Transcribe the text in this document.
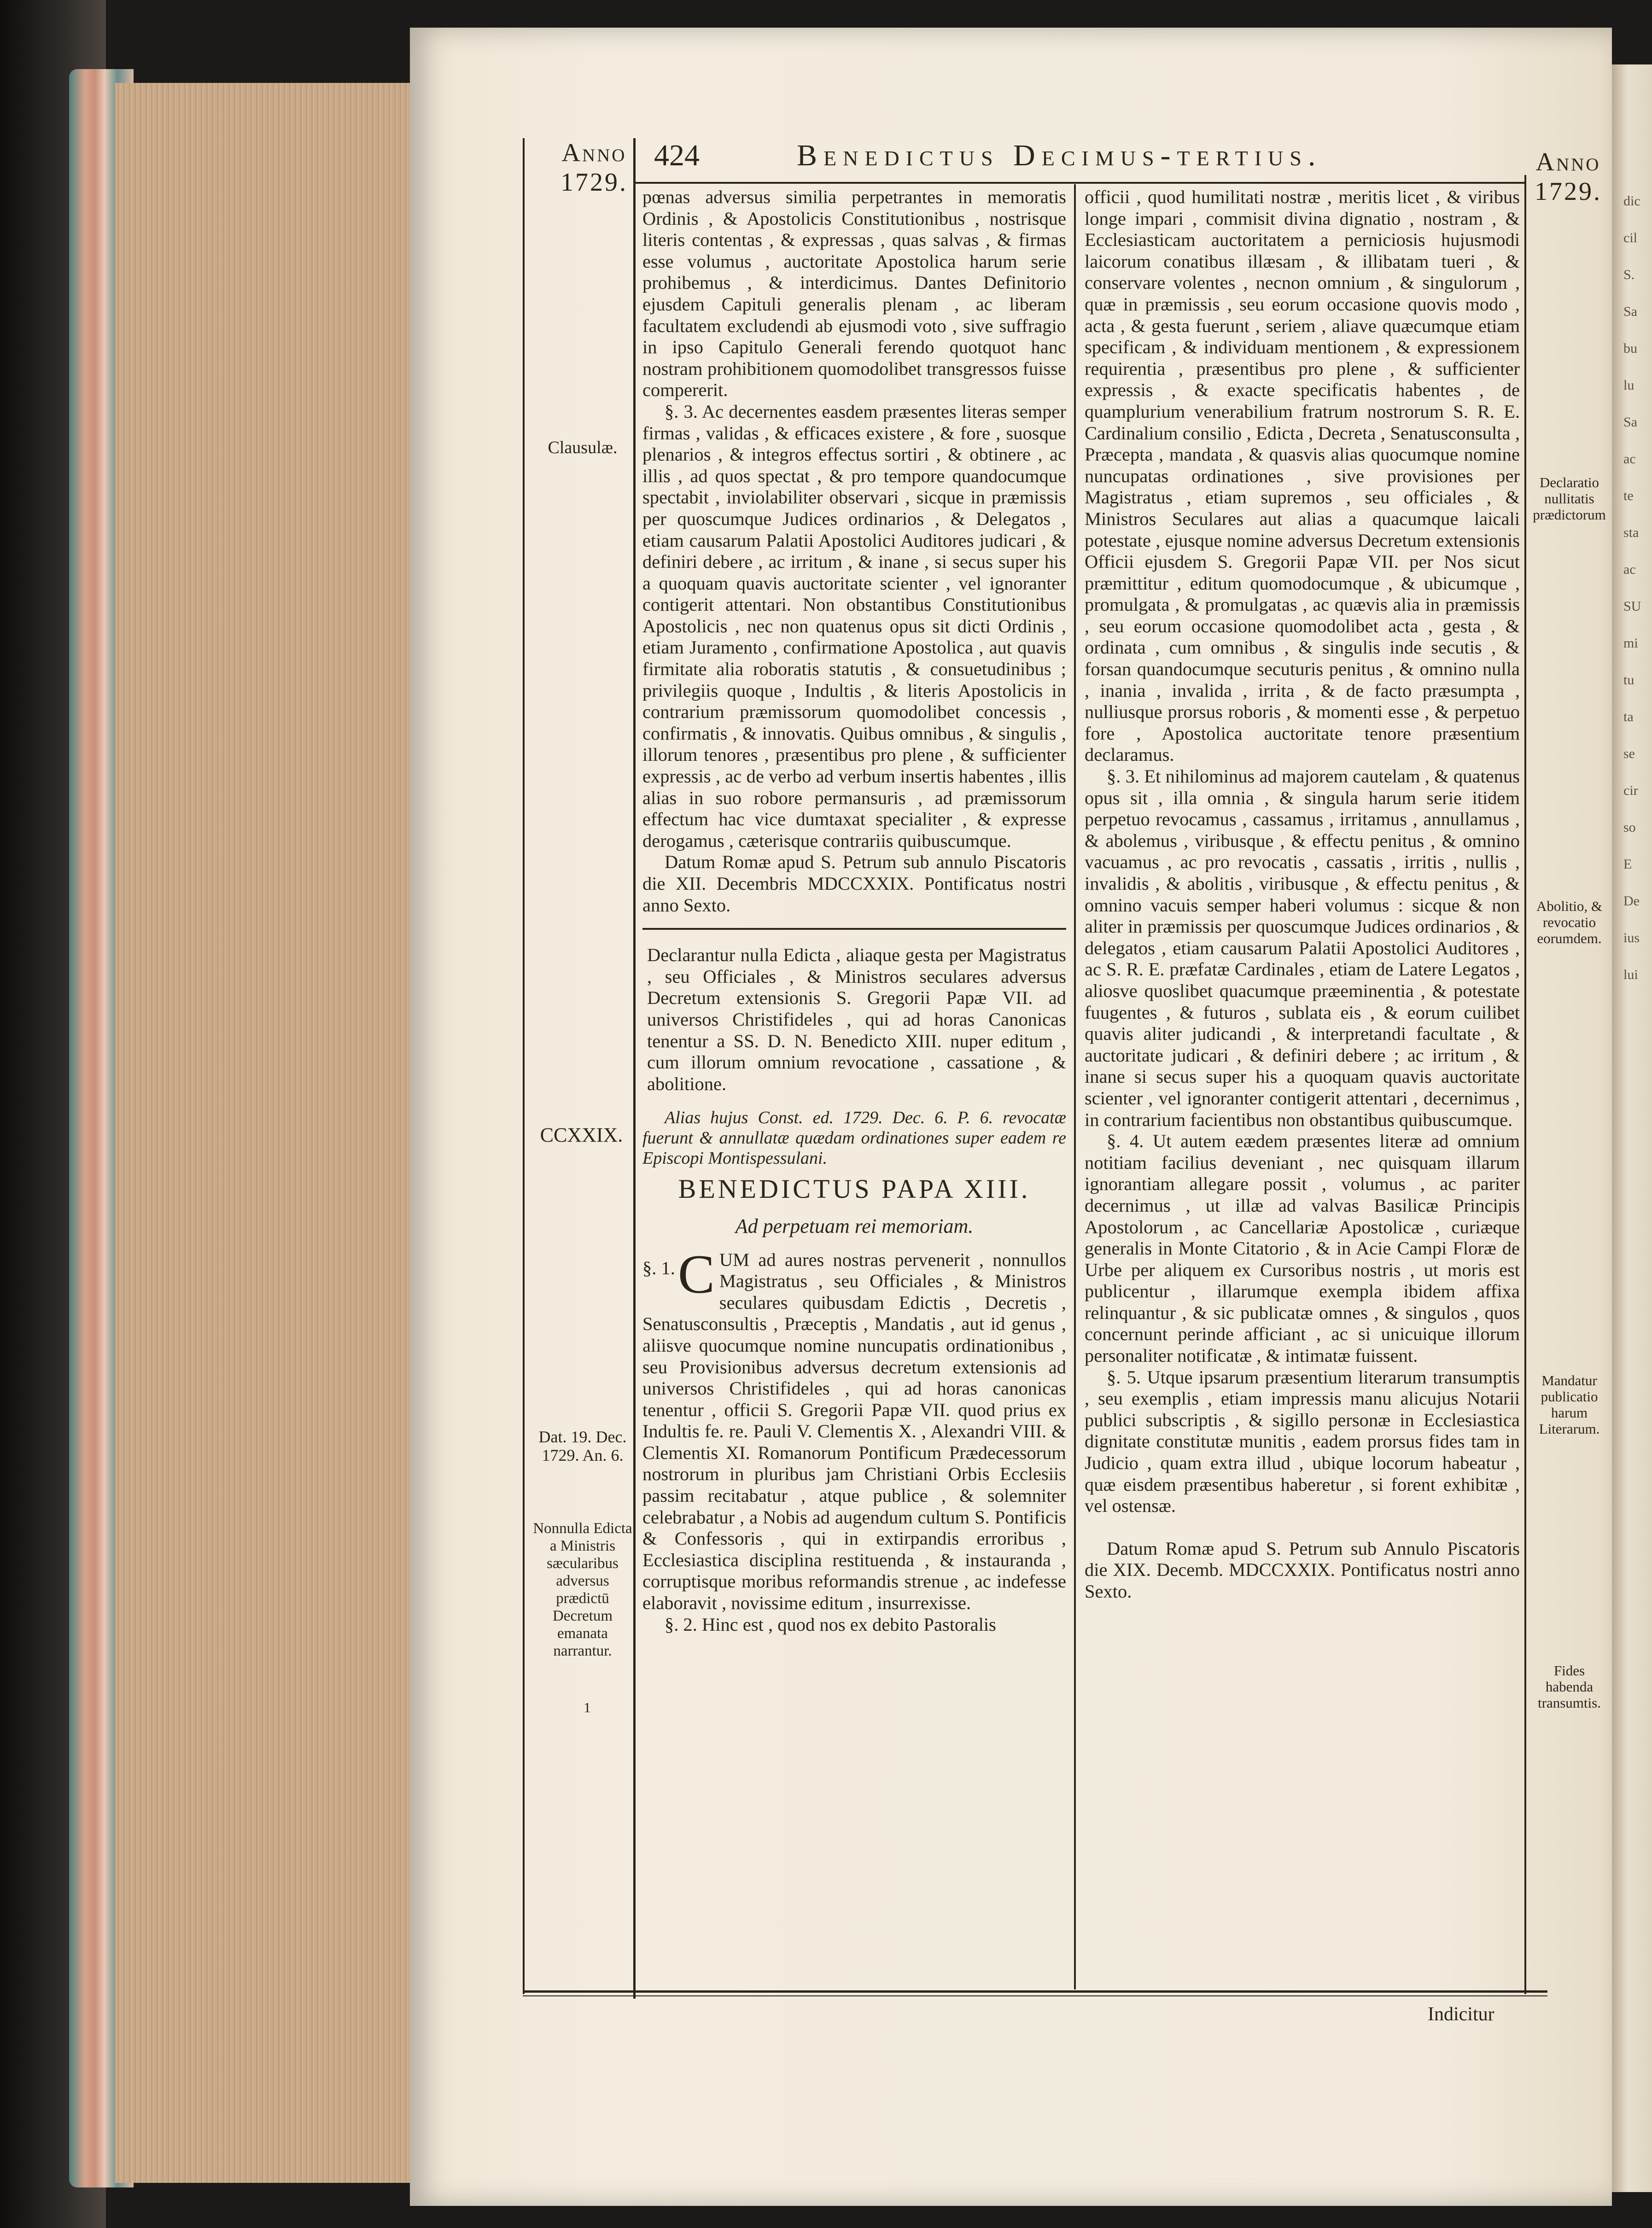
dic
cil
S.
Sa
bu
lu
Sa
ac
te
sta
ac
SU
mi
tu
ta
se
cir
so
E
De
ius
lui
Anno
1729.
424	Benedictus Decimus-tertius.	Anno
1729.
Clausulæ.
CCXXIX.
Dat. 19. Dec. 1729. An. 6.
Nonnulla Edicta a Ministris sæcularibus adversus prædictū Decretum emanata narrantur.
1
Declaratio nullitatis prædictorum
Abolitio, & revocatio eorumdem.
Mandatur publicatio harum Literarum.
Fides habenda transumtis.

pœnas adversus similia perpetrantes in memoratis Ordinis , & Apostolicis Constitutionibus , nostrisque literis contentas , & expressas , quas salvas , & firmas esse volumus , auctoritate Apostolica harum serie prohibemus , & interdicimus. Dantes Definitorio ejusdem Capituli generalis plenam , ac liberam facultatem excludendi ab ejusmodi voto , sive suffragio in ipso Capitulo Generali ferendo quotquot hanc nostram prohibitionem quomodolibet transgressos fuisse compererit.

§. 3. Ac decernentes easdem præsentes literas semper firmas , validas , & efficaces existere , & fore , suosque plenarios , & integros effectus sortiri , & obtinere , ac illis , ad quos spectat , & pro tempore quandocumque spectabit , inviolabiliter observari , sicque in præmissis per quoscumque Judices ordinarios , & Delegatos , etiam causarum Palatii Apostolici Auditores judicari , & definiri debere , ac irritum , & inane , si secus super his a quoquam quavis auctoritate scienter , vel ignoranter contigerit attentari. Non obstantibus Constitutionibus Apostolicis , nec non quatenus opus sit dicti Ordinis , etiam Juramento , confirmatione Apostolica , aut quavis firmitate alia roboratis statutis , & consuetudinibus ; privilegiis quoque , Indultis , & literis Apostolicis in contrarium præmissorum quomodolibet concessis , confirmatis , & innovatis. Quibus omnibus , & singulis , illorum tenores , præsentibus pro plene , & sufficienter expressis , ac de verbo ad verbum insertis habentes , illis alias in suo robore permansuris , ad præmissorum effectum hac vice dumtaxat specialiter , & expresse derogamus , cæterisque contrariis quibuscumque.

Datum Romæ apud S. Petrum sub annulo Piscatoris die XII. Decembris MDCCXXIX. Pontificatus nostri anno Sexto.

Declarantur nulla Edicta , aliaque gesta per Magistratus , seu Officiales , & Ministros seculares adversus Decretum extensionis S. Gregorii Papæ VII. ad universos Christifideles , qui ad horas Canonicas tenentur a SS. D. N. Benedicto XIII. nuper editum , cum illorum omnium revocatione , cassatione , & abolitione.

Alias hujus Const. ed. 1729. Dec. 6. P. 6. revocatæ fuerunt & annullatæ quædam ordinationes super eadem re Episcopi Montispessulani.

BENEDICTUS PAPA XIII.

Ad perpetuam rei memoriam.

§. 1. C UM ad aures nostras pervenerit , nonnullos Magistratus , seu Officiales , & Ministros seculares quibusdam Edictis , Decretis , Senatusconsultis , Præceptis , Mandatis , aut id genus , aliisve quocumque nomine nuncupatis ordinationibus , seu Provisionibus adversus decretum extensionis ad universos Christifideles , qui ad horas canonicas tenentur , officii S. Gregorii Papæ VII. quod prius ex Indultis fe. re. Pauli V. Clementis X. , Alexandri VIII. & Clementis XI. Romanorum Pontificum Prædecessorum nostrorum in pluribus jam Christiani Orbis Ecclesiis passim recitabatur , atque publice , & solemniter celebrabatur , a Nobis ad augendum cultum S. Pontificis & Confessoris , qui in extirpandis erroribus , Ecclesiastica disciplina restituenda , & instauranda , corruptisque moribus reformandis strenue , ac indefesse elaboravit , novissime editum , insurrexisse.

§. 2. Hinc est , quod nos ex debito Pastoralis

officii , quod humilitati nostræ , meritis licet , & viribus longe impari , commisit divina dignatio , nostram , & Ecclesiasticam auctoritatem a perniciosis hujusmodi laicorum conatibus illæsam , & illibatam tueri , & conservare volentes , necnon omnium , & singulorum , quæ in præmissis , seu eorum occasione quovis modo , acta , & gesta fuerunt , seriem , aliave quæcumque etiam specificam , & individuam mentionem , & expressionem requirentia , præsentibus pro plene , & sufficienter expressis , & exacte specificatis habentes , de quamplurium venerabilium fratrum nostrorum S. R. E. Cardinalium consilio , Edicta , Decreta , Senatusconsulta , Præcepta , mandata , & quasvis alias quocumque nomine nuncupatas ordinationes , sive provisiones per Magistratus , etiam supremos , seu officiales , & Ministros Seculares aut alias a quacumque laicali potestate , ejusque nomine adversus Decretum extensionis Officii ejusdem S. Gregorii Papæ VII. per Nos sicut præmittitur , editum quomodocumque , & ubicumque , promulgata , & promulgatas , ac quævis alia in præmissis , seu eorum occasione quomodolibet acta , gesta , & ordinata , cum omnibus , & singulis inde secutis , & forsan quandocumque secuturis penitus , & omnino nulla , inania , invalida , irrita , & de facto præsumpta , nulliusque prorsus roboris , & momenti esse , & perpetuo fore , Apostolica auctoritate tenore præsentium declaramus.

§. 3. Et nihilominus ad majorem cautelam , & quatenus opus sit , illa omnia , & singula harum serie itidem perpetuo revocamus , cassamus , irritamus , annullamus , & abolemus , viribusque , & effectu penitus , & omnino vacuamus , ac pro revocatis , cassatis , irritis , nullis , invalidis , & abolitis , viribusque , & effectu penitus , & omnino vacuis semper haberi volumus : sicque & non aliter in præmissis per quoscumque Judices ordinarios , & delegatos , etiam causarum Palatii Apostolici Auditores , ac S. R. E. præfatæ Cardinales , etiam de Latere Legatos , aliosve quoslibet quacumque præeminentia , & potestate fuugentes , & futuros , sublata eis , & eorum cuilibet quavis aliter judicandi , & interpretandi facultate , & auctoritate judicari , & definiri debere ; ac irritum , & inane si secus super his a quoquam quavis auctoritate scienter , vel ignoranter contigerit attentari , decernimus , in contrarium facientibus non obstantibus quibuscumque.

§. 4. Ut autem eædem præsentes literæ ad omnium notitiam facilius deveniant , nec quisquam illarum ignorantiam allegare possit , volumus , ac pariter decernimus , ut illæ ad valvas Basilicæ Principis Apostolorum , ac Cancellariæ Apostolicæ , curiæque generalis in Monte Citatorio , & in Acie Campi Floræ de Urbe per aliquem ex Cursoribus nostris , ut moris est publicentur , illarumque exempla ibidem affixa relinquantur , & sic publicatæ omnes , & singulos , quos concernunt perinde afficiant , ac si unicuique illorum personaliter notificatæ , & intimatæ fuissent.

§. 5. Utque ipsarum præsentium literarum transumptis , seu exemplis , etiam impressis manu alicujus Notarii publici subscriptis , & sigillo personæ in Ecclesiastica dignitate constitutæ munitis , eadem prorsus fides tam in Judicio , quam extra illud , ubique locorum habeatur , quæ eisdem præsentibus haberetur , si forent exhibitæ , vel ostensæ.

Datum Romæ apud S. Petrum sub Annulo Piscatoris die XIX. Decemb. MDCCXXIX. Pontificatus nostri anno Sexto.

Indicitur
